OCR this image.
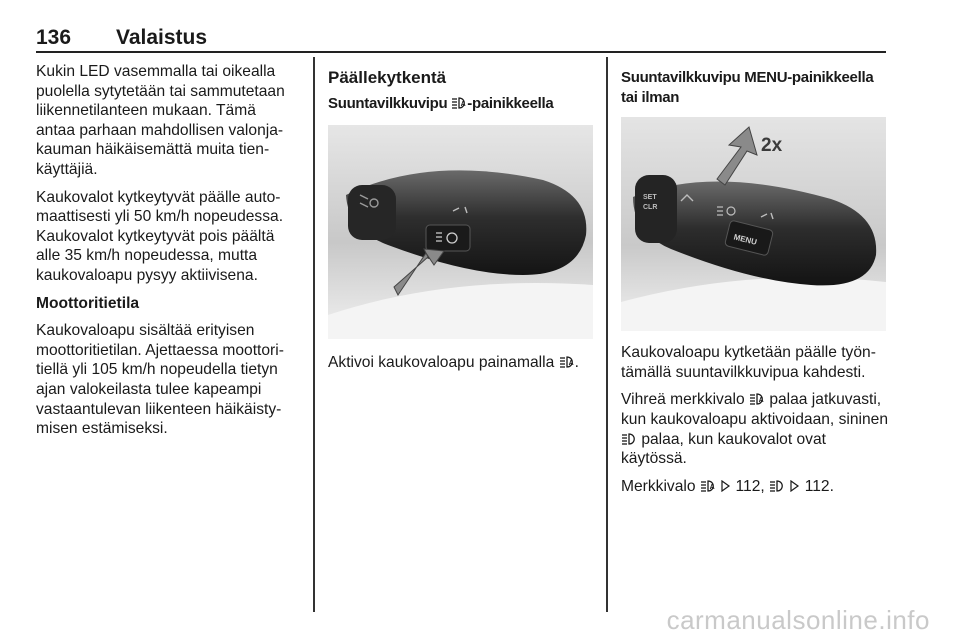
136 Valaistus

Kukin LED vasemmalla tai oikealla puolella sytytetään tai sammutetaan liikennetilanteen mukaan. Tämä antaa parhaan mahdollisen valonjakauman häikäisemättä muita tienkäyttäjiä.

Kaukovalot kytkeytyvät päälle automaattisesti yli 50 km/h nopeudessa. Kaukovalot kytkeytyvät pois päältä alle 35 km/h nopeudessa, mutta kaukovaloapu pysyy aktiivisena.

Moottoritietila

Kaukovaloapu sisältää erityisen moottoritietilan. Ajettaessa moottoritiellä yli 105 km/h nopeudella tietyn ajan valokeilasta tulee kapeampi vastaantulevan liikenteen häikäistymisen estämiseksi.

Päällekytkentä
Suuntavilkkuvipu A -painikkeella

Aktivoi kaukovaloapu painamalla A .

Suuntavilkkuvipu MENU-painikkeella tai ilman
SET
CLR
MENU
2x

Kaukovaloapu kytketään päälle työntämällä suuntavilkkuvipua kahdesti.

Vihreä merkkivalo A palaa jatkuvasti, kun kaukovaloapu aktivoidaan, sininen  palaa, kun kaukovalot ovat käytössä.

Merkkivalo A 112,   112.

carmanualsonline.info
